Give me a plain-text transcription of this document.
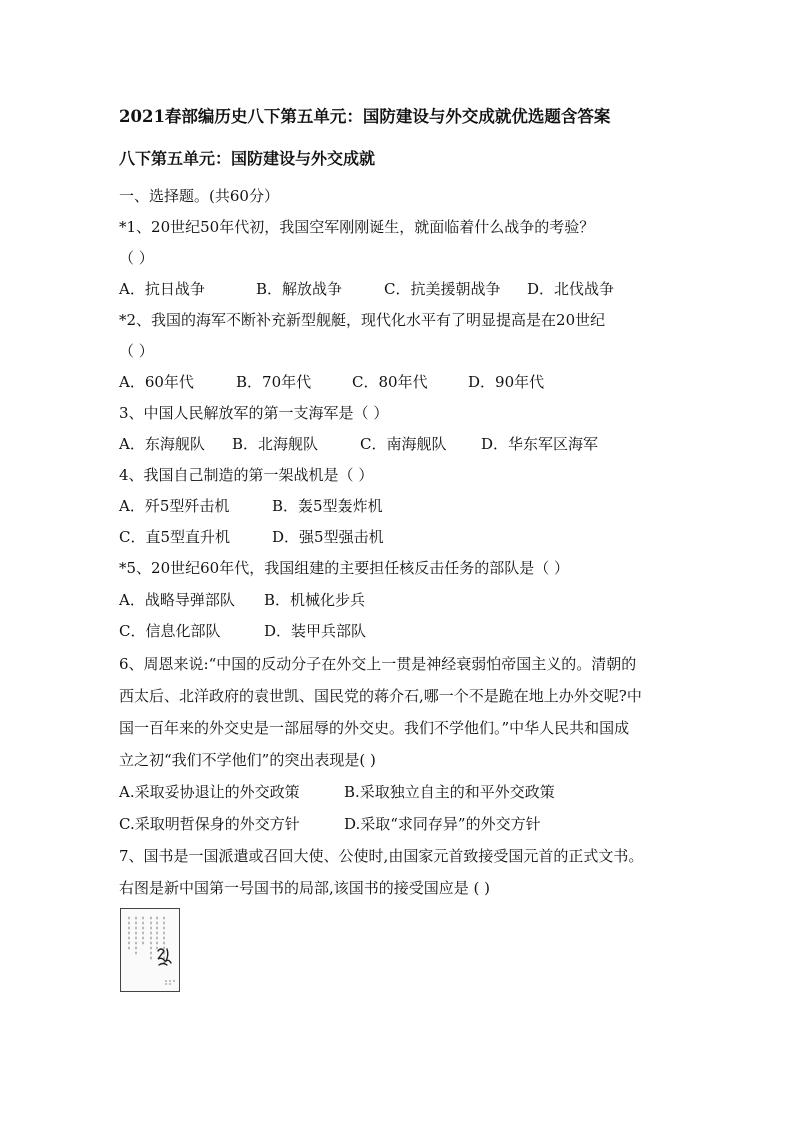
2021春部编历史八下第五单元：国防建设与外交成就优选题含答案
八下第五单元：国防建设与外交成就
一、选择题。(共60分）
*1、20世纪50年代初，我国空军刚刚诞生，就面临着什么战争的考验？
（ ）
A．抗日战争	B．解放战争	C．抗美援朝战争 D．北伐战争
*2、我国的海军不断补充新型舰艇，现代化水平有了明显提高是在20世纪
（ ）
A．60年代	B．70年代	C．80年代	D．90年代
3、中国人民解放军的第一支海军是（ ）
A．东海舰队 B．北海舰队	C．南海舰队 D．华东军区海军
4、我国自己制造的第一架战机是（ ）
A．歼5型歼击机	B．轰5型轰炸机
C．直5型直升机	D．强5型强击机
*5、20世纪60年代，我国组建的主要担任核反击任务的部队是（ ）
A．战略导弹部队 B．机械化步兵
C．信息化部队	D．装甲兵部队
6、周恩来说:“中国的反动分子在外交上一贯是神经衰弱怕帝国主义的。清朝的
西太后、北洋政府的袁世凯、国民党的蒋介石,哪一个不是跪在地上办外交呢?中
国一百年来的外交史是一部屈辱的外交史。我们不学他们。”中华人民共和国成
立之初“我们不学他们”的突出表现是( )
A.采取妥协退让的外交政策	B.采取独立自主的和平外交政策
C.采取明哲保身的外交方针	D.采取“求同存异”的外交方针
7、国书是一国派遣或召回大使、公使时,由国家元首致接受国元首的正式文书。
右图是新中国第一号国书的局部,该国书的接受国应是 ( )
